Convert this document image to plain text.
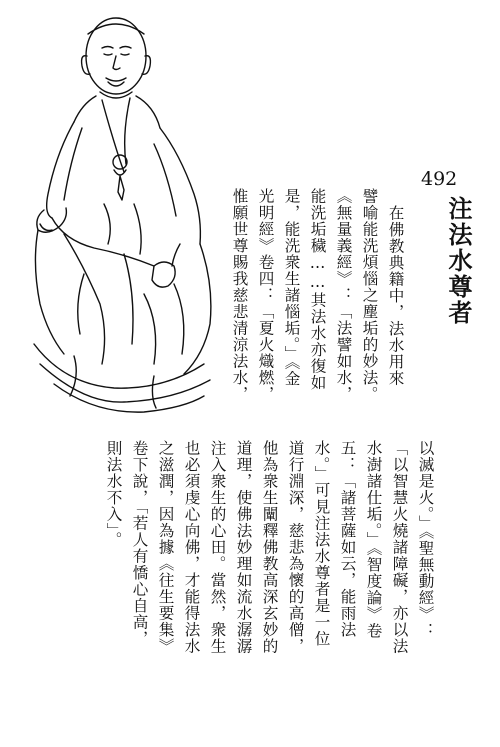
492
注法水尊者
在佛教典籍中，法水用來
譬喻能洗煩惱之塵垢的妙法。
《無量義經》：「法譬如水，
能洗垢穢……其法水亦復如
是，能洗衆生諸惱垢。」《金
光明經》卷四：「夏火熾燃，
惟願世尊賜我慈悲清涼法水，
以滅是火。」《聖無動經》：
「以智慧火燒諸障礙，亦以法
水澍諸仕垢。」《智度論》卷
五：「諸菩薩如云，能雨法
水。」可見注法水尊者是一位
道行淵深，慈悲為懷的高僧，
他為衆生闡釋佛教高深玄妙的
道理，使佛法妙理如流水潺潺
注入衆生的心田。當然，衆生
也必須虔心向佛，才能得法水
之滋潤，因為據《往生要集》
卷下說，「若人有憍心自高，
則法水不入」。
